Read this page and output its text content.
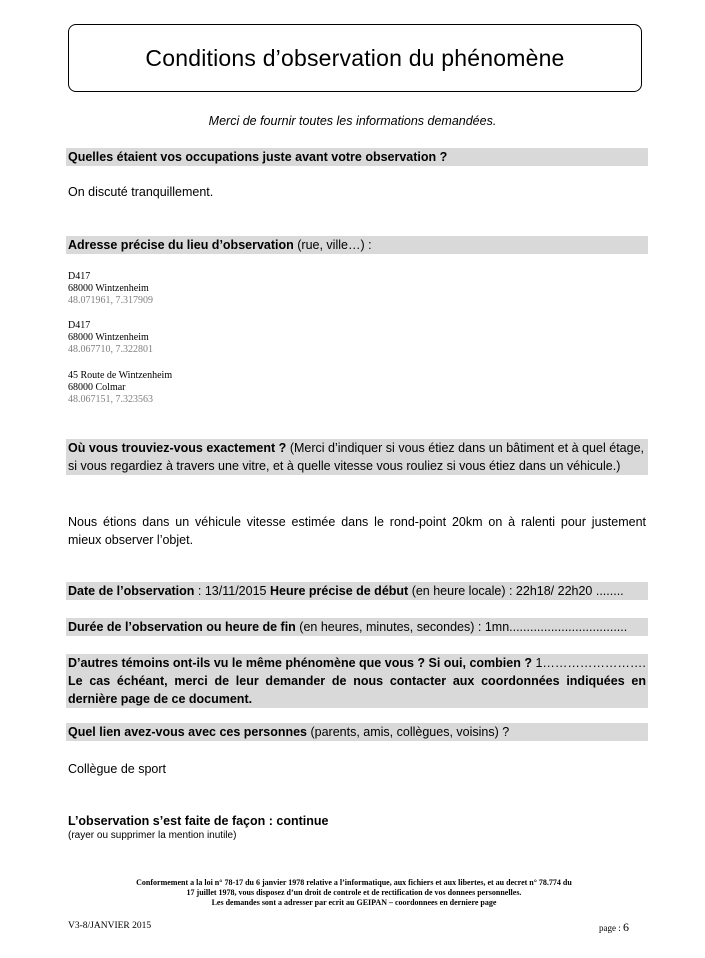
Conditions d’observation du phénomène
Merci de fournir toutes les informations demandées.
Quelles étaient vos occupations juste avant votre observation ?
On discuté tranquillement.
Adresse précise du lieu d’observation (rue, ville…) :
D417
68000 Wintzenheim
48.071961, 7.317909
D417
68000 Wintzenheim
48.067710, 7.322801
45 Route de Wintzenheim
68000 Colmar
48.067151, 7.323563
Où vous trouviez-vous exactement ? (Merci d’indiquer si vous étiez dans un bâtiment et à quel étage, si vous regardiez à travers une vitre, et à quelle vitesse vous rouliez si vous étiez dans un véhicule.)
Nous étions dans un véhicule vitesse estimée dans le rond-point 20km on à ralenti pour justement mieux observer l’objet.
Date de l’observation : 13/11/2015 Heure précise de début (en heure locale) : 22h18/ 22h20 ........
Durée de l’observation ou heure de fin (en heures, minutes, secondes) : 1mn..................................
D’autres témoins ont-ils vu le même phénomène que vous ? Si oui, combien ? 1…………………….
Le cas échéant, merci de leur demander de nous contacter aux coordonnées indiquées en dernière page de ce document.
Quel lien avez-vous avec ces personnes (parents, amis, collègues, voisins) ?
Collègue de sport
L’observation s’est faite de façon : continue
(rayer ou supprimer la mention inutile)
Conformement a la loi n° 78-17 du 6 janvier 1978 relative a l’informatique, aux fichiers et aux libertes, et au decret n° 78.774 du
17 juillet 1978, vous disposez d’un droit de controle et de rectification de vos donnees personnelles.
Les demandes sont a adresser par ecrit au GEIPAN – coordonnees en derniere page
V3-8/JANVIER 2015	page : 6
